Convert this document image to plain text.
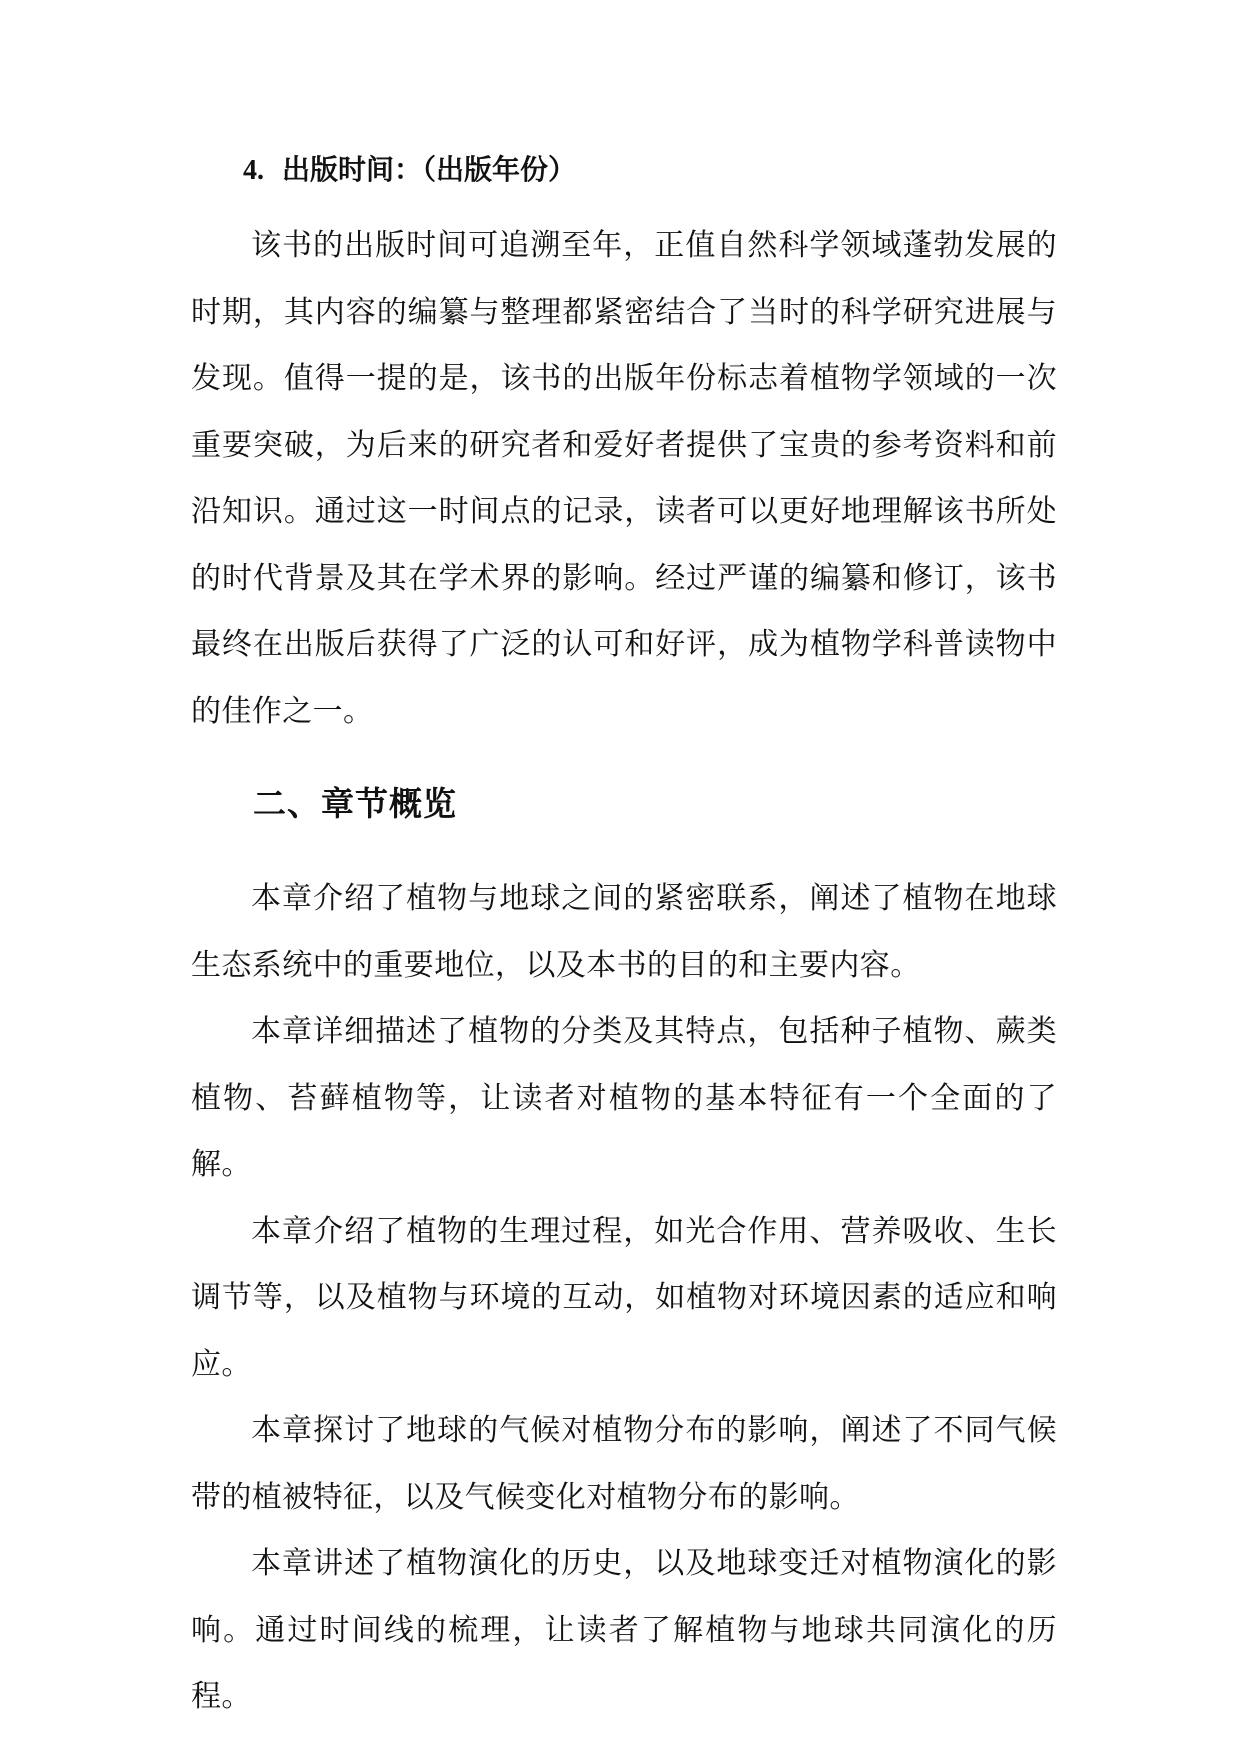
4. 出版时间：（出版年份）

该书的出版时间可追溯至年，正值自然科学领域蓬勃发展的时期，其内容的编纂与整理都紧密结合了当时的科学研究进展与发现。值得一提的是，该书的出版年份标志着植物学领域的一次重要突破，为后来的研究者和爱好者提供了宝贵的参考资料和前沿知识。通过这一时间点的记录，读者可以更好地理解该书所处的时代背景及其在学术界的影响。经过严谨的编纂和修订，该书最终在出版后获得了广泛的认可和好评，成为植物学科普读物中的佳作之一。

二、章节概览

本章介绍了植物与地球之间的紧密联系，阐述了植物在地球生态系统中的重要地位，以及本书的目的和主要内容。

本章详细描述了植物的分类及其特点，包括种子植物、蕨类植物、苔藓植物等，让读者对植物的基本特征有一个全面的了解。

本章介绍了植物的生理过程，如光合作用、营养吸收、生长调节等，以及植物与环境的互动，如植物对环境因素的适应和响应。

本章探讨了地球的气候对植物分布的影响，阐述了不同气候带的植被特征，以及气候变化对植物分布的影响。

本章讲述了植物演化的历史，以及地球变迁对植物演化的影响。通过时间线的梳理，让读者了解植物与地球共同演化的历程。
